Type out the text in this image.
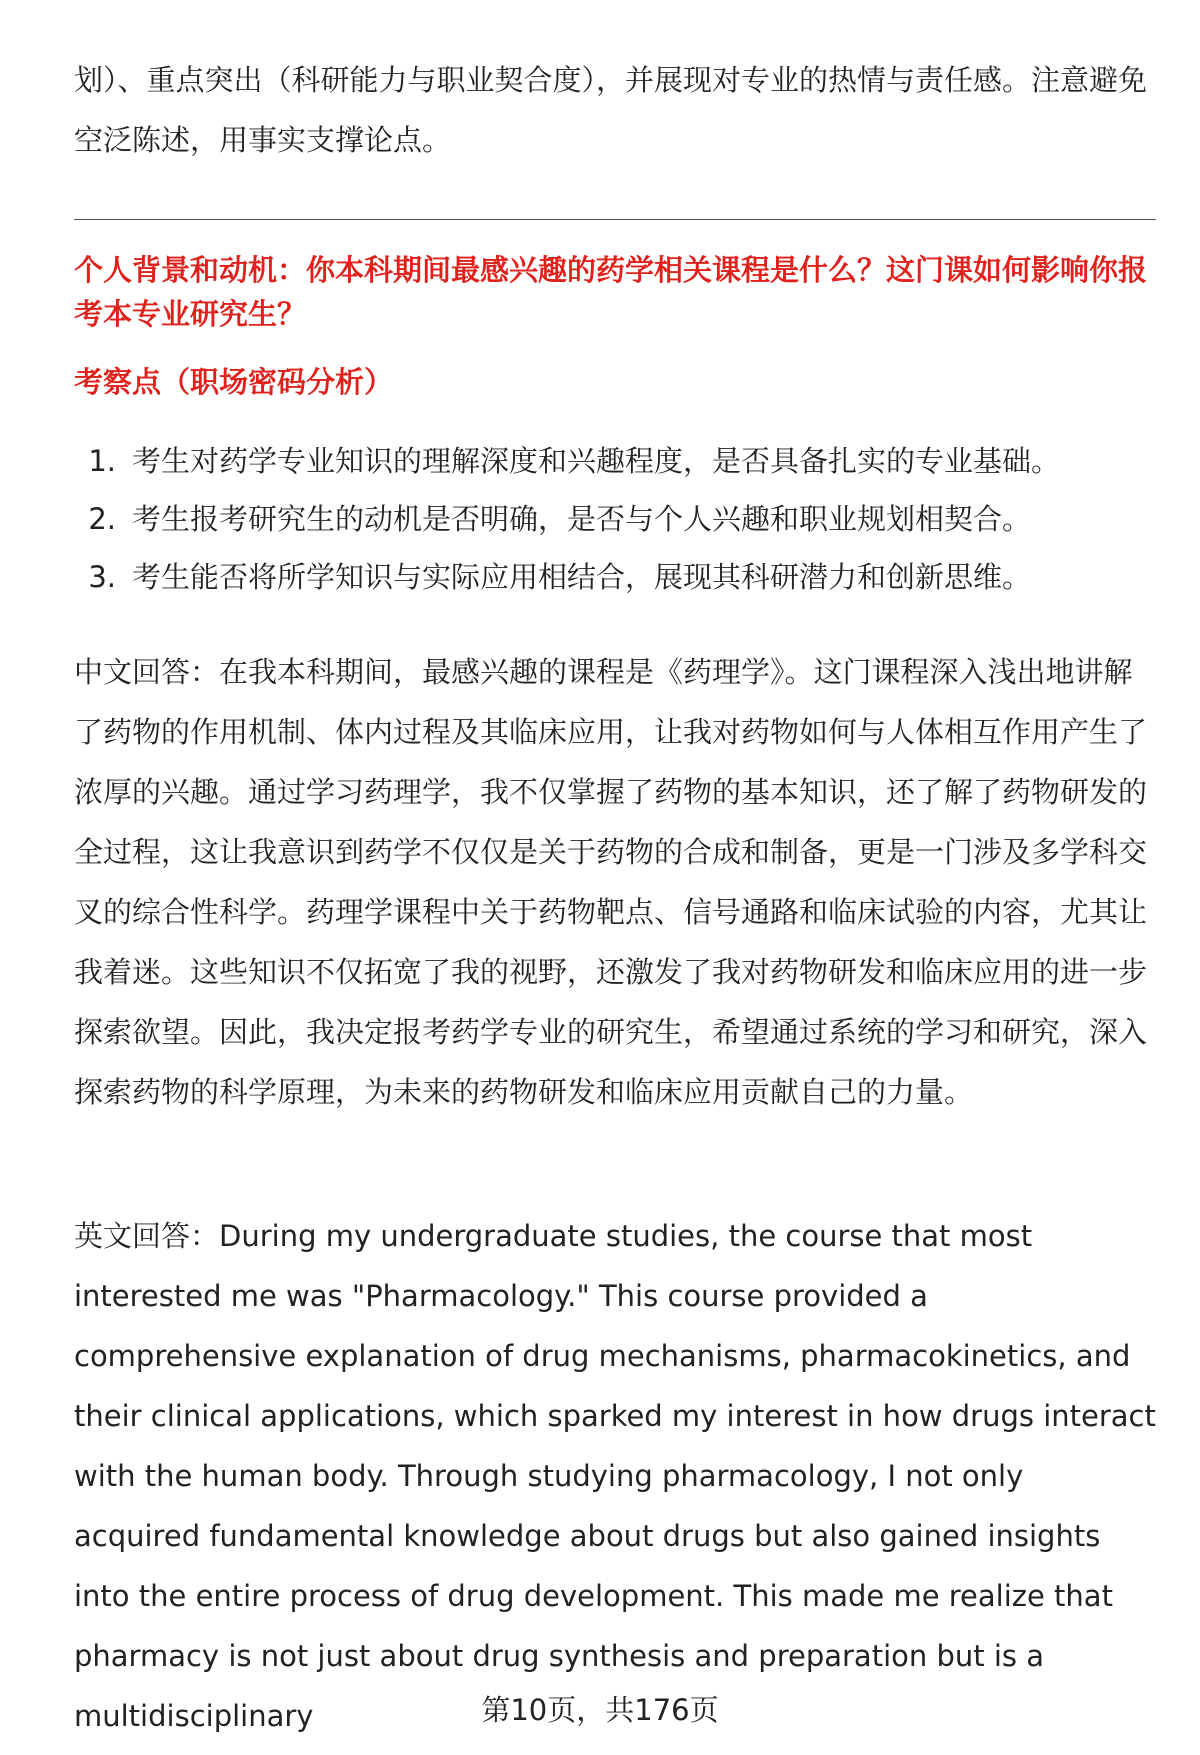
划）、重点突出（科研能力与职业契合度），并展现对专业的热情与责任感。注意避免空泛陈述，用事实支撑论点。

个人背景和动机：你本科期间最感兴趣的药学相关课程是什么？这门课如何影响你报考本专业研究生？

考察点（职场密码分析）

1. 考生对药学专业知识的理解深度和兴趣程度，是否具备扎实的专业基础。
2. 考生报考研究生的动机是否明确，是否与个人兴趣和职业规划相契合。
3. 考生能否将所学知识与实际应用相结合，展现其科研潜力和创新思维。

中文回答：在我本科期间，最感兴趣的课程是《药理学》。这门课程深入浅出地讲解了药物的作用机制、体内过程及其临床应用，让我对药物如何与人体相互作用产生了浓厚的兴趣。通过学习药理学，我不仅掌握了药物的基本知识，还了解了药物研发的全过程，这让我意识到药学不仅仅是关于药物的合成和制备，更是一门涉及多学科交叉的综合性科学。药理学课程中关于药物靶点、信号通路和临床试验的内容，尤其让我着迷。这些知识不仅拓宽了我的视野，还激发了我对药物研发和临床应用的进一步探索欲望。因此，我决定报考药学专业的研究生，希望通过系统的学习和研究，深入探索药物的科学原理，为未来的药物研发和临床应用贡献自己的力量。

英文回答：During my undergraduate studies, the course that most interested me was "Pharmacology." This course provided a comprehensive explanation of drug mechanisms, pharmacokinetics, and their clinical applications, which sparked my interest in how drugs interact with the human body. Through studying pharmacology, I not only acquired fundamental knowledge about drugs but also gained insights into the entire process of drug development. This made me realize that pharmacy is not just about drug synthesis and preparation but is a multidisciplinary	第10页，共176页
